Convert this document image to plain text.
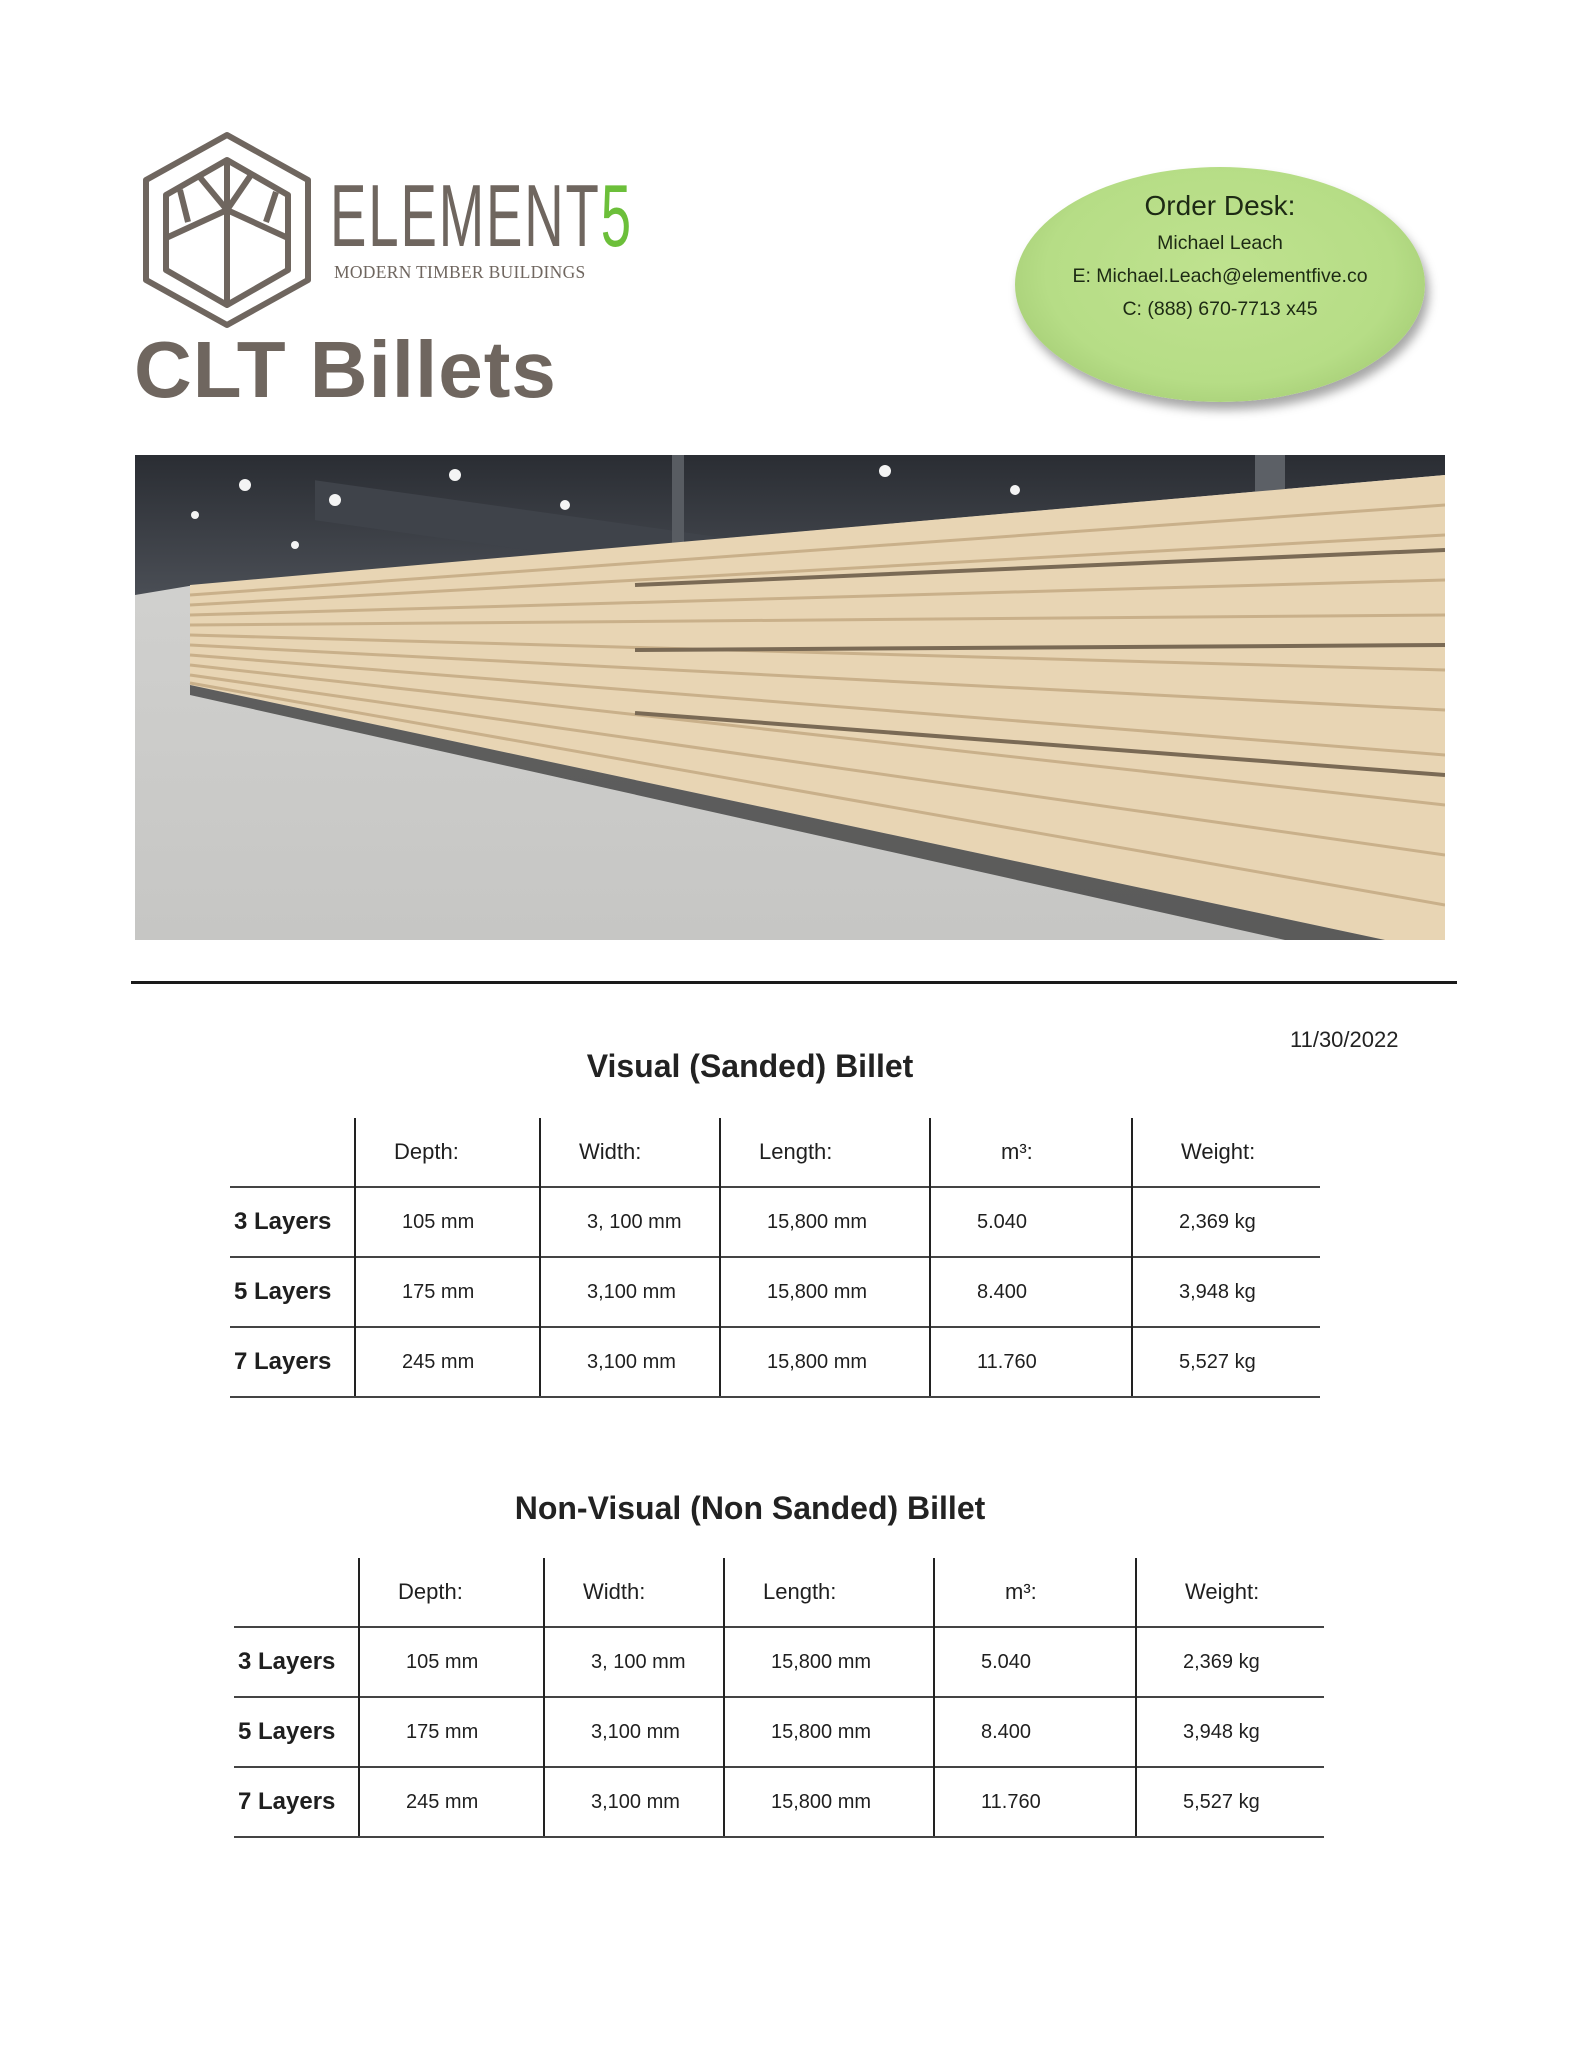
ELEMENT5
MODERN TIMBER BUILDINGS
CLT Billets
Order Desk:
Michael Leach
E: Michael.Leach@elementfive.co
C: (888) 670-7713 x45
11/30/2022
Visual (Sanded) Billet
	Depth:	Width:	Length:	m³:	Weight:
3 Layers	105 mm	3, 100 mm	15,800 mm	5.040	2,369 kg
5 Layers	175 mm	3,100 mm	15,800 mm	8.400	3,948 kg
7 Layers	245 mm	3,100 mm	15,800 mm	11.760	5,527 kg
Non-Visual (Non Sanded) Billet
	Depth:	Width:	Length:	m³:	Weight:
3 Layers	105 mm	3, 100 mm	15,800 mm	5.040	2,369 kg
5 Layers	175 mm	3,100 mm	15,800 mm	8.400	3,948 kg
7 Layers	245 mm	3,100 mm	15,800 mm	11.760	5,527 kg
